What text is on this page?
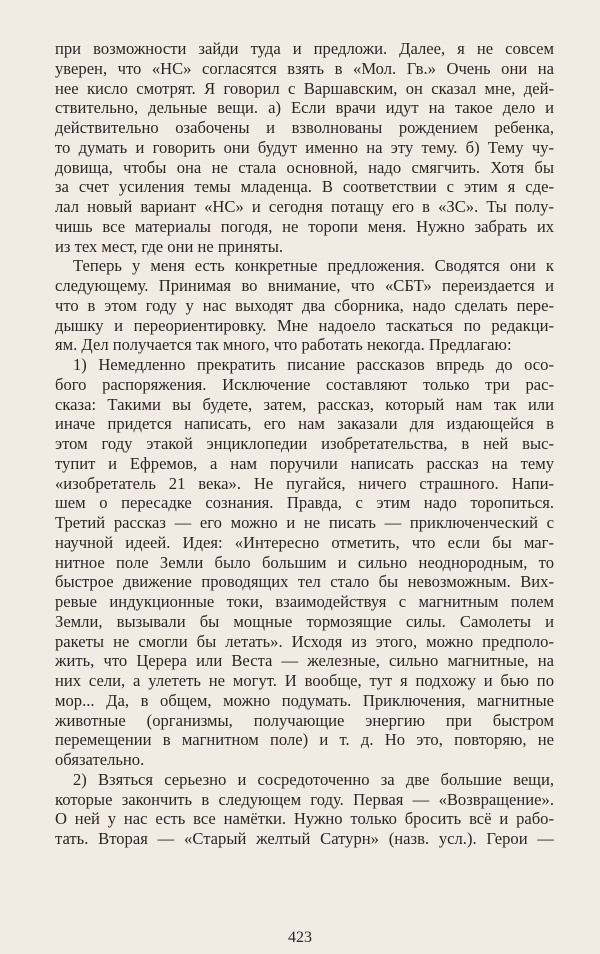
при возможности зайди туда и предложи. Далее, я не совсем
уверен, что «НС» согласятся взять в «Мол. Гв.» Очень они на
нее кисло смотрят. Я говорил с Варшавским, он сказал мне, дей-
ствительно, дельные вещи. а) Если врачи идут на такое дело и
действительно озабочены и взволнованы рождением ребенка,
то думать и говорить они будут именно на эту тему. б) Тему чу-
довища, чтобы она не стала основной, надо смягчить. Хотя бы
за счет усиления темы младенца. В соответствии с этим я сде-
лал новый вариант «НС» и сегодня потащу его в «ЗС». Ты полу-
чишь все материалы погодя, не торопи меня. Нужно забрать их
из тех мест, где они не приняты.
Теперь у меня есть конкретные предложения. Сводятся они к
следующему. Принимая во внимание, что «СБТ» переиздается и
что в этом году у нас выходят два сборника, надо сделать пере-
дышку и переориентировку. Мне надоело таскаться по редакци-
ям. Дел получается так много, что работать некогда. Предлагаю:
1) Немедленно прекратить писание рассказов впредь до осо-
бого распоряжения. Исключение составляют только три рас-
сказа: Такими вы будете, затем, рассказ, который нам так или
иначе придется написать, его нам заказали для издающейся в
этом году этакой энциклопедии изобретательства, в ней выс-
тупит и Ефремов, а нам поручили написать рассказ на тему
«изобретатель 21 века». Не пугайся, ничего страшного. Напи-
шем о пересадке сознания. Правда, с этим надо торопиться.
Третий рассказ — его можно и не писать — приключенческий с
научной идеей. Идея: «Интересно отметить, что если бы маг-
нитное поле Земли было большим и сильно неоднородным, то
быстрое движение проводящих тел стало бы невозможным. Вих-
ревые индукционные токи, взаимодействуя с магнитным полем
Земли, вызывали бы мощные тормозящие силы. Самолеты и
ракеты не смогли бы летать». Исходя из этого, можно предполо-
жить, что Церера или Веста — железные, сильно магнитные, на
них сели, а улететь не могут. И вообще, тут я подхожу и бью по
мор... Да, в общем, можно подумать. Приключения, магнитные
животные (организмы, получающие энергию при быстром
перемещении в магнитном поле) и т. д. Но это, повторяю, не
обязательно.
2) Взяться серьезно и сосредоточенно за две большие вещи,
которые закончить в следующем году. Первая — «Возвращение».
О ней у нас есть все намётки. Нужно только бросить всё и рабо-
тать. Вторая — «Старый желтый Сатурн» (назв. усл.). Герои —
423
